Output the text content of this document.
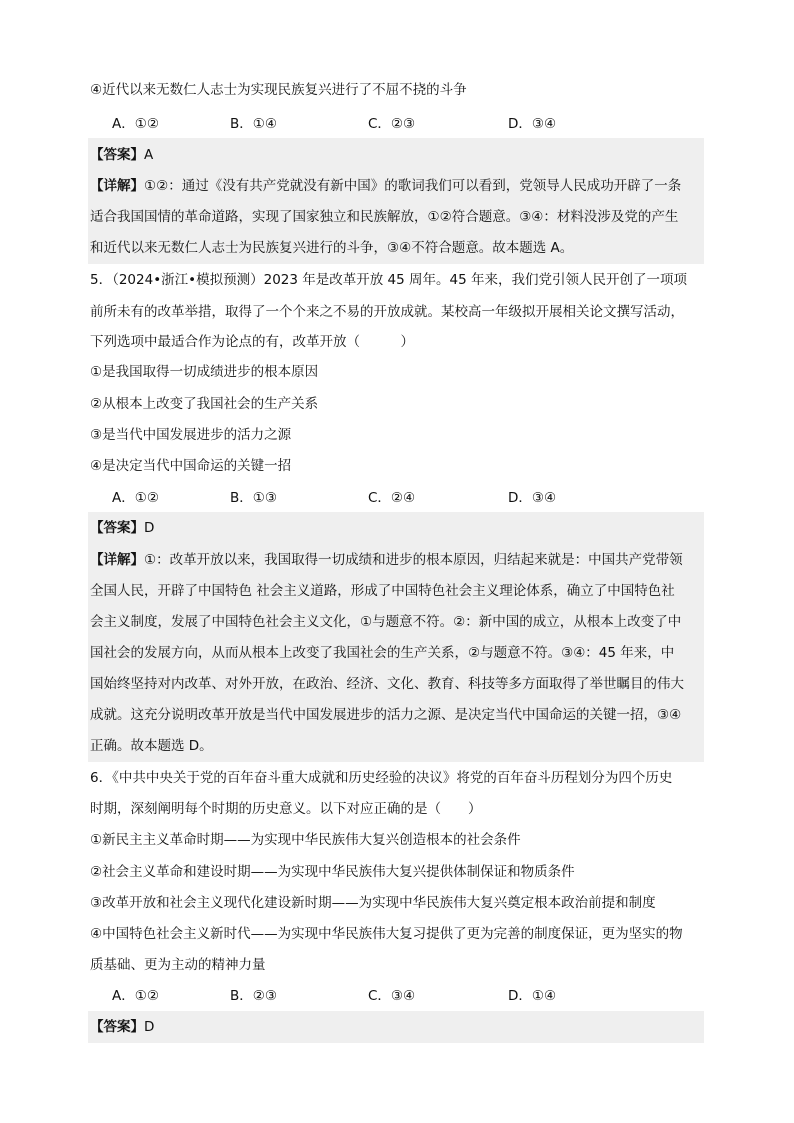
④近代以来无数仁人志士为实现民族复兴进行了不屈不挠的斗争
A．①②	B．①④	C．②③	D．③④
【答案】A
【详解】①②：通过《没有共产党就没有新中国》的歌词我们可以看到，党领导人民成功开辟了一条
适合我国国情的革命道路，实现了国家独立和民族解放，①②符合题意。③④：材料没涉及党的产生
和近代以来无数仁人志士为民族复兴进行的斗争，③④不符合题意。故本题选 A。
5．（2024•浙江•模拟预测）2023 年是改革开放 45 周年。45 年来，我们党引领人民开创了一项项
前所未有的改革举措，取得了一个个来之不易的开放成就。某校高一年级拟开展相关论文撰写活动，
下列选项中最适合作为论点的有，改革开放（　　　）
①是我国取得一切成绩进步的根本原因
②从根本上改变了我国社会的生产关系
③是当代中国发展进步的活力之源
④是决定当代中国命运的关键一招
A．①②	B．①③	C．②④	D．③④
【答案】D
【详解】①：改革开放以来，我国取得一切成绩和进步的根本原因，归结起来就是：中国共产党带领
全国人民，开辟了中国特色 社会主义道路，形成了中国特色社会主义理论体系，确立了中国特色社
会主义制度，发展了中国特色社会主义文化，①与题意不符。②：新中国的成立，从根本上改变了中
国社会的发展方向，从而从根本上改变了我国社会的生产关系，②与题意不符。③④：45 年来，中
国始终坚持对内改革、对外开放，在政治、经济、文化、教育、科技等多方面取得了举世瞩目的伟大
成就。这充分说明改革开放是当代中国发展进步的活力之源、是决定当代中国命运的关键一招，③④
正确。故本题选 D。
6．《中共中央关于党的百年奋斗重大成就和历史经验的决议》将党的百年奋斗历程划分为四个历史
时期，深刻阐明每个时期的历史意义。以下对应正确的是（　　）
①新民主主义革命时期——为实现中华民族伟大复兴创造根本的社会条件
②社会主义革命和建设时期——为实现中华民族伟大复兴提供体制保证和物质条件
③改革开放和社会主义现代化建设新时期——为实现中华民族伟大复兴奠定根本政治前提和制度
④中国特色社会主义新时代——为实现中华民族伟大复习提供了更为完善的制度保证，更为坚实的物
质基础、更为主动的精神力量
A．①②	B．②③	C．③④	D．①④
【答案】D
